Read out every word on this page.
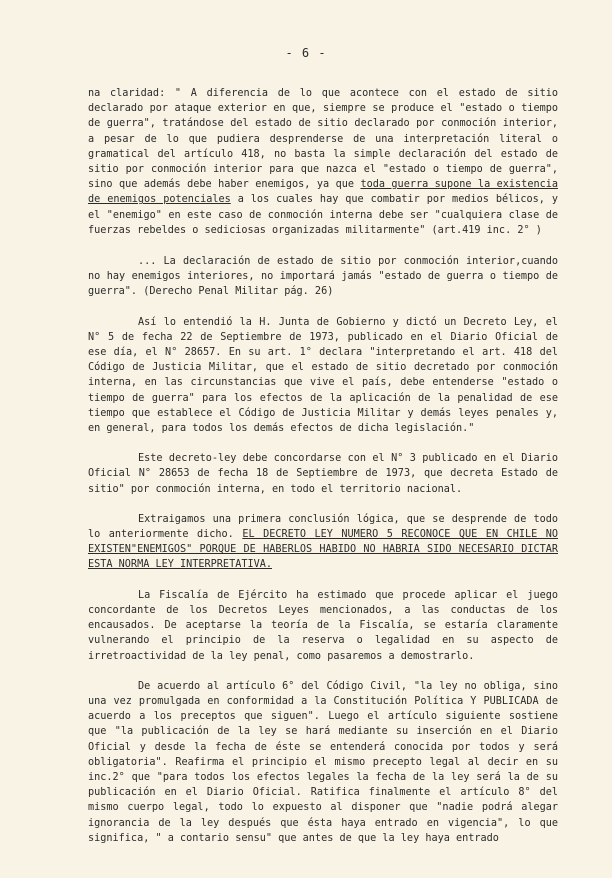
- 6 -

na claridad: " A diferencia de lo que acontece con el estado de sitio declarado por ataque exterior en que, siempre se produce el "estado o tiempo de guerra", tratándose del estado de sitio declarado por conmoción interior, a pesar de lo que pudiera desprenderse de una interpretación literal o gramatical del artículo 418, no basta la simple declaración del estado de sitio por conmoción interior para que nazca el "estado o tiempo de guerra", sino que además debe haber enemigos, ya que toda guerra supone la existencia de enemigos potenciales a los cuales hay que combatir por medios bélicos, y el "enemigo" en este caso de conmoción interna debe ser "cualquiera clase de fuerzas rebeldes o sediciosas organizadas militarmente" (art.419 inc. 2° )

... La declaración de estado de sitio por conmoción interior,cuando no hay enemigos interiores, no importará jamás "estado de guerra o tiempo de guerra". (Derecho Penal Militar pág. 26)

Así lo entendió la H. Junta de Gobierno y dictó un Decreto Ley, el N° 5 de fecha 22 de Septiembre de 1973, publicado en el Diario Oficial de ese día, el N° 28657. En su art. 1° declara "interpretando el art. 418 del Código de Justicia Militar, que el estado de sitio decretado por conmoción interna, en las circunstancias que vive el país, debe entenderse "estado o tiempo de guerra" para los efectos de la aplicación de la penalidad de ese tiempo que establece el Código de Justicia Militar y demás leyes penales y, en general, para todos los demás efectos de dicha legislación."

Este decreto-ley debe concordarse con el N° 3 publicado en el Diario Oficial N° 28653 de fecha 18 de Septiembre de 1973, que decreta Estado de sitio" por conmoción interna, en todo el territorio nacional.

Extraigamos una primera conclusión lógica, que se desprende de todo lo anteriormente dicho. EL DECRETO LEY NUMERO 5 RECONOCE QUE EN CHILE NO EXISTEN"ENEMIGOS" PORQUE DE HABERLOS HABIDO NO HABRIA SIDO NECESARIO DICTAR ESTA NORMA LEY INTERPRETATIVA.

La Fiscalía de Ejército ha estimado que procede aplicar el juego concordante de los Decretos Leyes mencionados, a las conductas de los encausados. De aceptarse la teoría de la Fiscalía, se estaría claramente vulnerando el principio de la reserva o legalidad en su aspecto de irretroactividad de la ley penal, como pasaremos a demostrarlo.

De acuerdo al artículo 6° del Código Civil, "la ley no obliga, sino una vez promulgada en conformidad a la Constitución Política Y PUBLICADA de acuerdo a los preceptos que siguen". Luego el artículo siguiente sostiene que "la publicación de la ley se hará mediante su inserción en el Diario Oficial y desde la fecha de éste se entenderá conocida por todos y será obligatoria". Reafirma el principio el mismo precepto legal al decir en su inc.2° que "para todos los efectos legales la fecha de la ley será la de su publicación en el Diario Oficial. Ratifica finalmente el artículo 8° del mismo cuerpo legal, todo lo expuesto al disponer que "nadie podrá alegar ignorancia de la ley después que ésta haya entrado en vigencia", lo que significa, " a contario sensu" que antes de que la ley haya entrado
